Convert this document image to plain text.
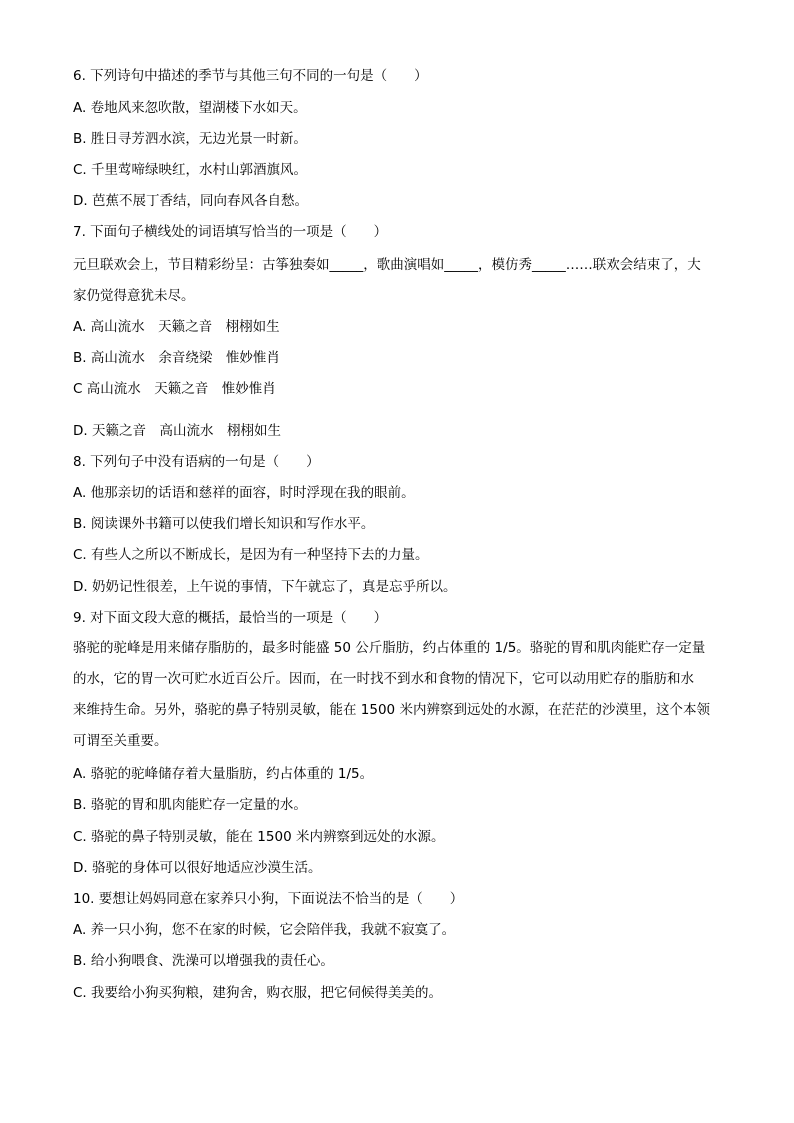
6. 下列诗句中描述的季节与其他三句不同的一句是（　　）
A. 卷地风来忽吹散，望湖楼下水如天。
B. 胜日寻芳泗水滨，无边光景一时新。
C. 千里莺啼绿映红，水村山郭酒旗风。
D. 芭蕉不展丁香结，同向春风各自愁。
7. 下面句子横线处的词语填写恰当的一项是（　　）
元旦联欢会上，节目精彩纷呈：古筝独奏如_____，歌曲演唱如_____，模仿秀_____……联欢会结束了，大
家仍觉得意犹未尽。
A. 高山流水　天籁之音　栩栩如生
B. 高山流水　余音绕梁　惟妙惟肖
C 高山流水　天籁之音　惟妙惟肖
D. 天籁之音　高山流水　栩栩如生
8. 下列句子中没有语病的一句是（　　）
A. 他那亲切的话语和慈祥的面容，时时浮现在我的眼前。
B. 阅读课外书籍可以使我们增长知识和写作水平。
C. 有些人之所以不断成长，是因为有一种坚持下去的力量。
D. 奶奶记性很差，上午说的事情，下午就忘了，真是忘乎所以。
9. 对下面文段大意的概括，最恰当的一项是（　　）
骆驼的驼峰是用来储存脂肪的，最多时能盛 50 公斤脂肪，约占体重的 1/5。骆驼的胃和肌肉能贮存一定量
的水，它的胃一次可贮水近百公斤。因而，在一时找不到水和食物的情况下，它可以动用贮存的脂肪和水
来维持生命。另外，骆驼的鼻子特别灵敏，能在 1500 米内辨察到远处的水源，在茫茫的沙漠里，这个本领
可谓至关重要。
A. 骆驼的驼峰储存着大量脂肪，约占体重的 1/5。
B. 骆驼的胃和肌肉能贮存一定量的水。
C. 骆驼的鼻子特别灵敏，能在 1500 米内辨察到远处的水源。
D. 骆驼的身体可以很好地适应沙漠生活。
10. 要想让妈妈同意在家养只小狗，下面说法不恰当的是（　　）
A. 养一只小狗，您不在家的时候，它会陪伴我，我就不寂寞了。
B. 给小狗喂食、洗澡可以增强我的责任心。
C. 我要给小狗买狗粮，建狗舍，购衣服，把它伺候得美美的。
